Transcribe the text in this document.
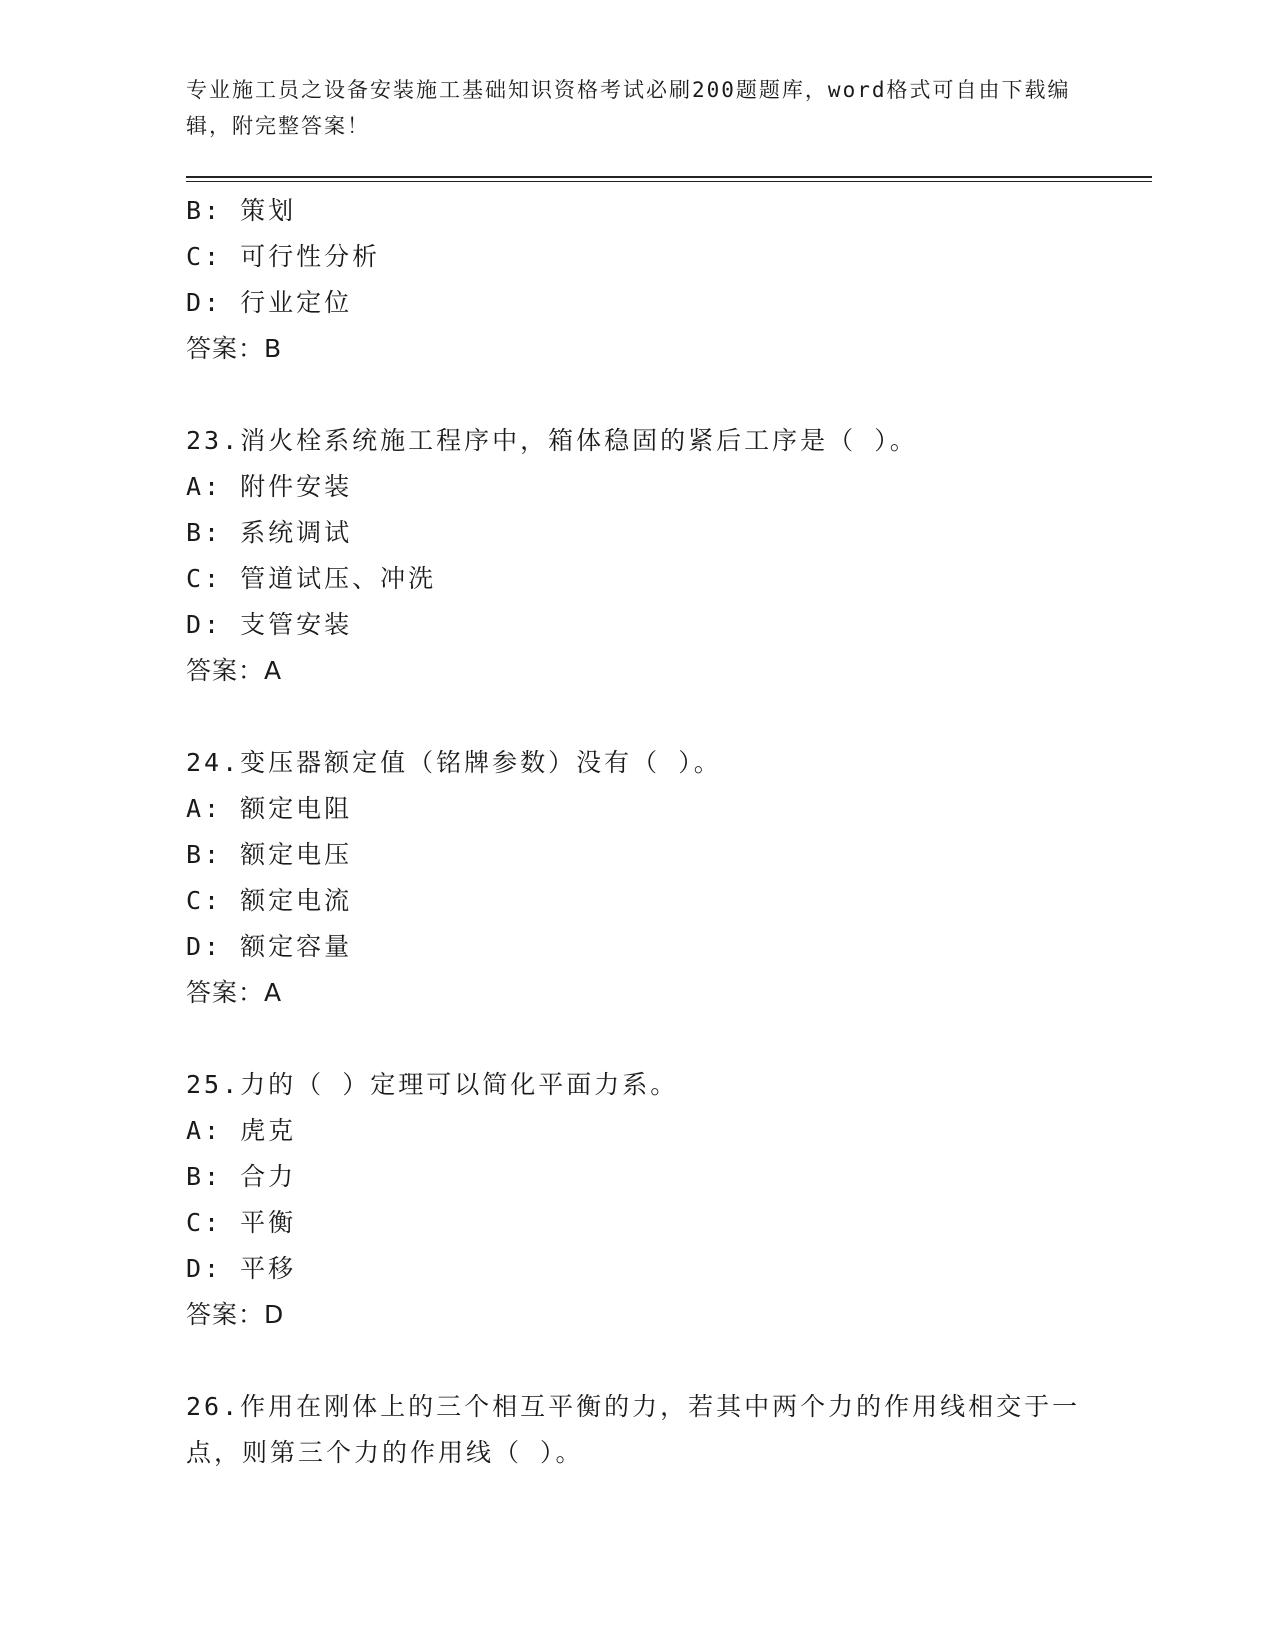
专业施工员之设备安装施工基础知识资格考试必刷200题题库，word格式可自由下载编辑，附完整答案！
B: 策划
C: 可行性分析
D: 行业定位
答案：B
23.消火栓系统施工程序中，箱体稳固的紧后工序是（ ）。
A: 附件安装
B: 系统调试
C: 管道试压、冲洗
D: 支管安装
答案：A
24.变压器额定值（铭牌参数）没有（ ）。
A: 额定电阻
B: 额定电压
C: 额定电流
D: 额定容量
答案：A
25.力的（ ）定理可以简化平面力系。
A: 虎克
B: 合力
C: 平衡
D: 平移
答案：D
26.作用在刚体上的三个相互平衡的力，若其中两个力的作用线相交于一点，则第三个力的作用线（ ）。
